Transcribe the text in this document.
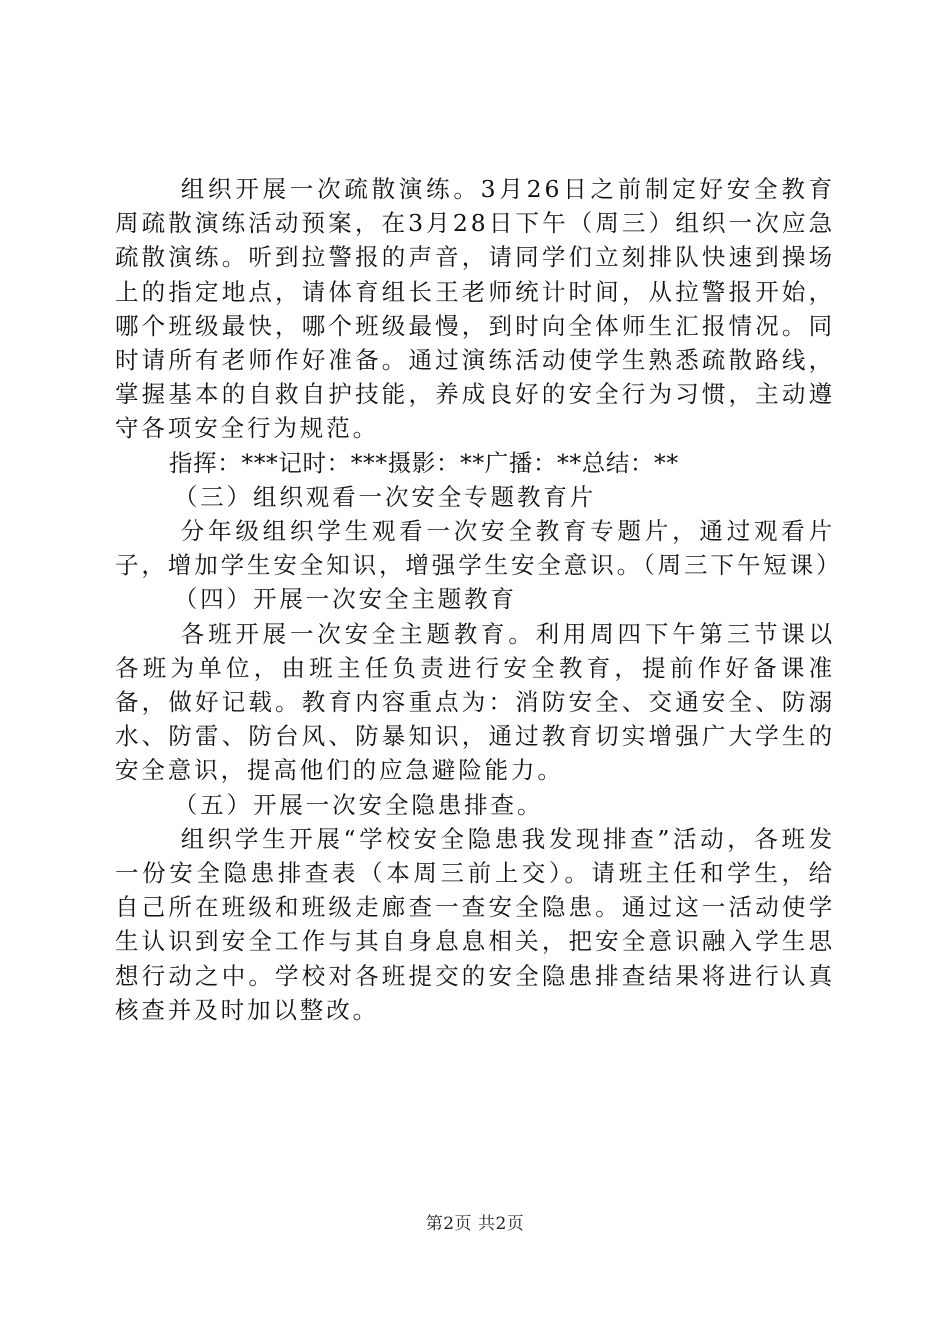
组织开展一次疏散演练。3月26日之前制定好安全教育周疏散演练活动预案，在3月28日下午（周三）组织一次应急疏散演练。听到拉警报的声音，请同学们立刻排队快速到操场上的指定地点，请体育组长王老师统计时间，从拉警报开始，哪个班级最快，哪个班级最慢，到时向全体师生汇报情况。同时请所有老师作好准备。通过演练活动使学生熟悉疏散路线，掌握基本的自救自护技能，养成良好的安全行为习惯，主动遵守各项安全行为规范。

指挥：***记时：***摄影：**广播：**总结：**

（三）组织观看一次安全专题教育片

分年级组织学生观看一次安全教育专题片，通过观看片子，增加学生安全知识，增强学生安全意识。（周三下午短课）

（四）开展一次安全主题教育

各班开展一次安全主题教育。利用周四下午第三节课以各班为单位，由班主任负责进行安全教育，提前作好备课准备，做好记载。教育内容重点为：消防安全、交通安全、防溺水、防雷、防台风、防暴知识，通过教育切实增强广大学生的安全意识，提高他们的应急避险能力。

（五）开展一次安全隐患排查。

组织学生开展“学校安全隐患我发现排查”活动，各班发一份安全隐患排查表（本周三前上交）。请班主任和学生，给自己所在班级和班级走廊查一查安全隐患。通过这一活动使学生认识到安全工作与其自身息息相关，把安全意识融入学生思想行动之中。学校对各班提交的安全隐患排查结果将进行认真核查并及时加以整改。

第2页 共2页
